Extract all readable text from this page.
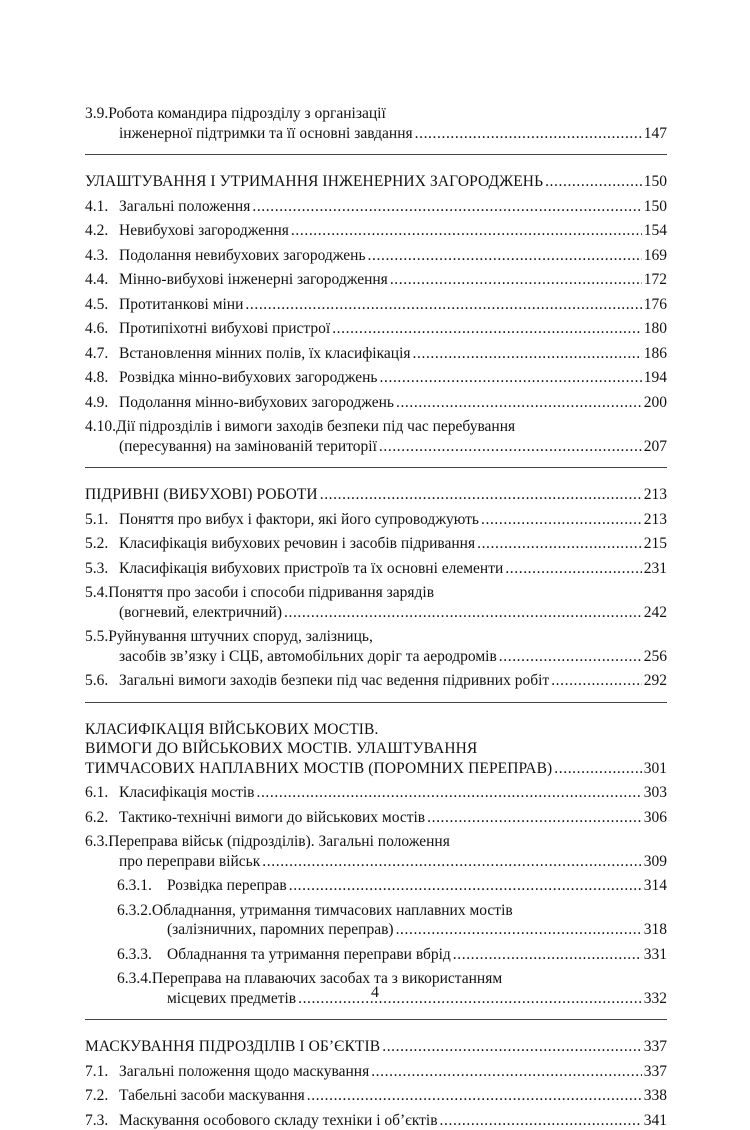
3.9.Робота командира підрозділу з організації
інженерної підтримки та її основні завдання .....	147
УЛАШТУВАННЯ І УТРИМАННЯ ІНЖЕНЕРНИХ ЗАГОРОДЖЕНЬ .....	150
4.1. Загальні положення .....	150
4.2. Невибухові загородження .....	154
4.3. Подолання невибухових загороджень .....	169
4.4. Мінно-вибухові інженерні загородження .....	172
4.5. Протитанкові міни .....	176
4.6. Протипіхотні вибухові пристрої .....	180
4.7. Встановлення мінних полів, їх класифікація .....	186
4.8. Розвідка мінно-вибухових загороджень .....	194
4.9. Подолання мінно-вибухових загороджень .....	200
4.10.Дії підрозділів і вимоги заходів безпеки під час перебування
(пересування) на замінованій території .....	207
ПІДРИВНІ (ВИБУХОВІ) РОБОТИ .....	213
5.1. Поняття про вибух і фактори, які його супроводжують .....	213
5.2. Класифікація вибухових речовин і засобів підривання .....	215
5.3. Класифікація вибухових пристроїв та їх основні елементи .....	231
5.4.Поняття про засоби і способи підривання зарядів
(вогневий, електричний) .....	242
5.5.Руйнування штучних споруд, залізниць,
засобів зв’язку і СЦБ, автомобільних доріг та аеродромів .....	256
5.6. Загальні вимоги заходів безпеки під час ведення підривних робіт .....	292
КЛАСИФІКАЦІЯ ВІЙСЬКОВИХ МОСТІВ.
ВИМОГИ ДО ВІЙСЬКОВИХ МОСТІВ. УЛАШТУВАННЯ
ТИМЧАСОВИХ НАПЛАВНИХ МОСТІВ (ПОРОМНИХ ПЕРЕПРАВ) .....	301
6.1. Класифікація мостів .....	303
6.2. Тактико-технічні вимоги до військових мостів .....	306
6.3.Переправа військ (підрозділів). Загальні положення
про переправи військ .....	309
6.3.1. Розвідка переправ .....	314
6.3.2.Обладнання, утримання тимчасових наплавних мостів
(залізничних, паромних переправ) .....	318
6.3.3. Обладнання та утримання переправи вбрід .....	331
6.3.4.Переправа на плаваючих засобах та з використанням
місцевих предметів .....	332
МАСКУВАННЯ ПІДРОЗДІЛІВ І ОБ’ЄКТІВ .....	337
7.1. Загальні положення щодо маскування .....	337
7.2. Табельні засоби маскування .....	338
7.3. Маскування особового складу техніки і об’єктів .....	341
4
